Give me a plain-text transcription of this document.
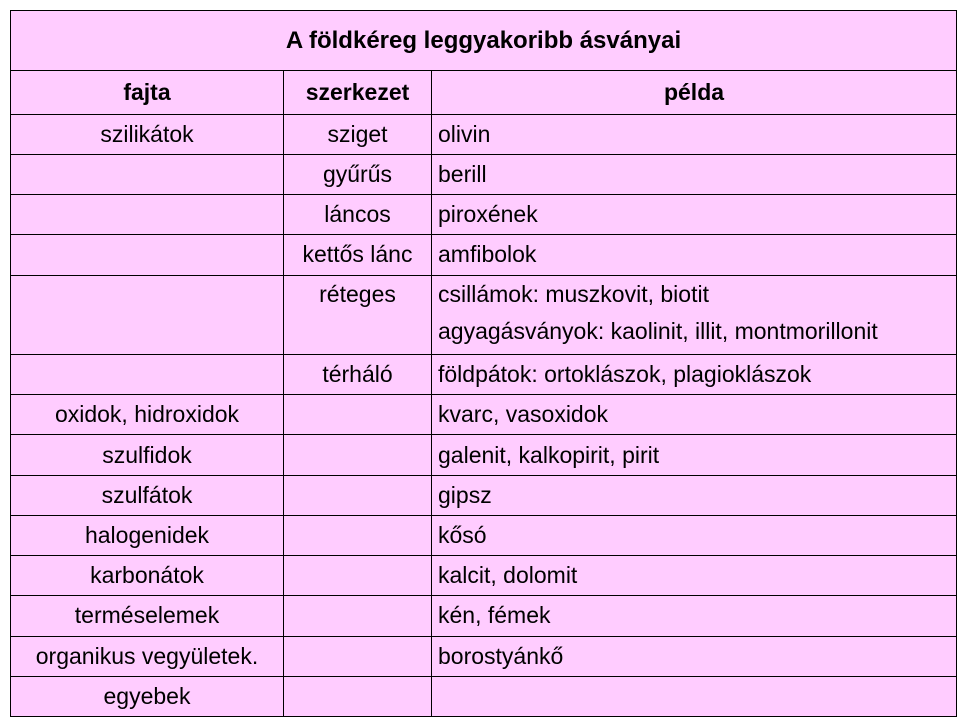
A földkéreg leggyakoribb ásványai		
fajta	szerkezet	példa
szilikátok	sziget	olivin
	gyűrűs	berill
	láncos	piroxének
	kettős lánc	amfibolok

	réteges	csillámok: muszkovit, biotit
agyagásványok: kaolinit, illit, montmorillonit

	térháló	földpátok: ortoklászok, plagioklászok
oxidok, hidroxidok		kvarc, vasoxidok
szulfidok		galenit, kalkopirit, pirit
szulfátok		gipsz
halogenidek		kősó
karbonátok		kalcit, dolomit
terméselemek		kén, fémek
organikus vegyületek.		borostyánkő
egyebek		
